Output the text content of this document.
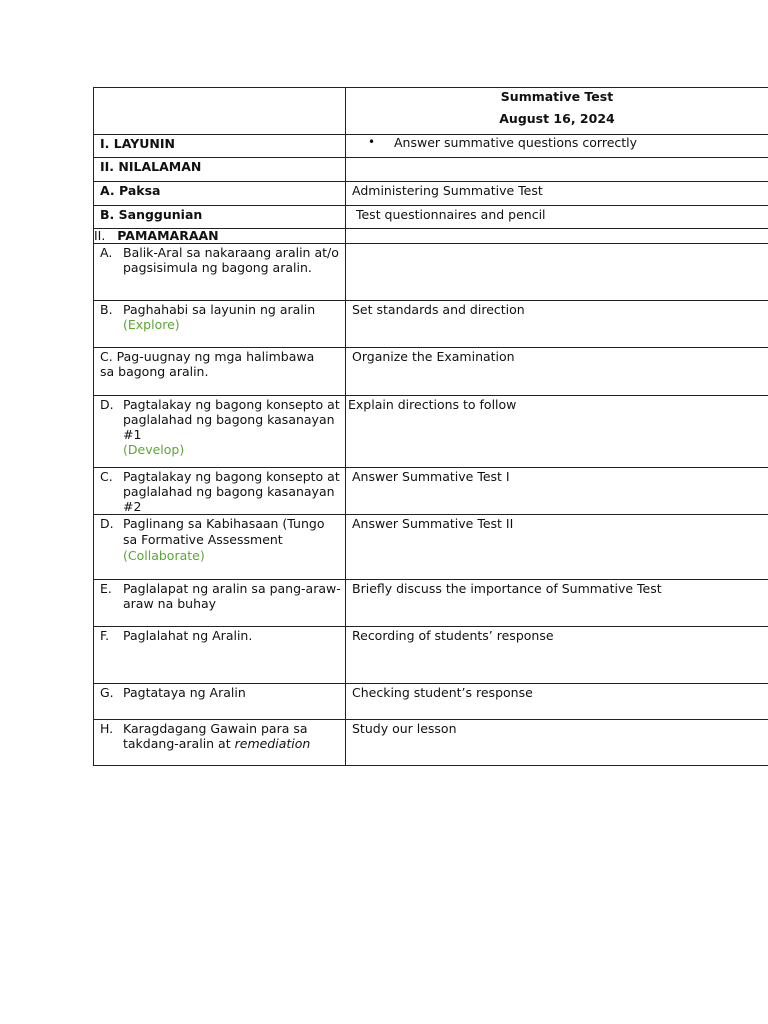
	Summative Test
August 16, 2024

I. LAYUNIN	• Answer summative questions correctly

II. NILALAMAN	
A. Paksa	Administering Summative Test
B. Sanggunian	Test questionnaires and pencil
II. PAMAMARAAN	

A. Balik-Aral sa nakaraang aralin at/o pagsisimula ng bagong aralin.	

B. Paghahabi sa layunin ng aralin
(Explore)	Set standards and direction

C. Pag-uugnay ng mga halimbawa sa bagong aralin.	Organize the Examination

D. Pagtalakay ng bagong konsepto at paglalahad ng bagong kasanayan #1
(Develop)	Explain directions to follow

C. Pagtalakay ng bagong konsepto at paglalahad ng bagong kasanayan #2	Answer Summative Test I

D. Paglinang sa Kabihasaan (Tungo sa Formative Assessment
(Collaborate)	Answer Summative Test II

E. Paglalapat ng aralin sa pang-araw-araw na buhay	Briefly discuss the importance of Summative Test

F. Paglalahat ng Aralin.	Recording of students’ response

G. Pagtataya ng Aralin	Checking student’s response

H. Karagdagang Gawain para sa takdang-aralin at remediation	Study our lesson
